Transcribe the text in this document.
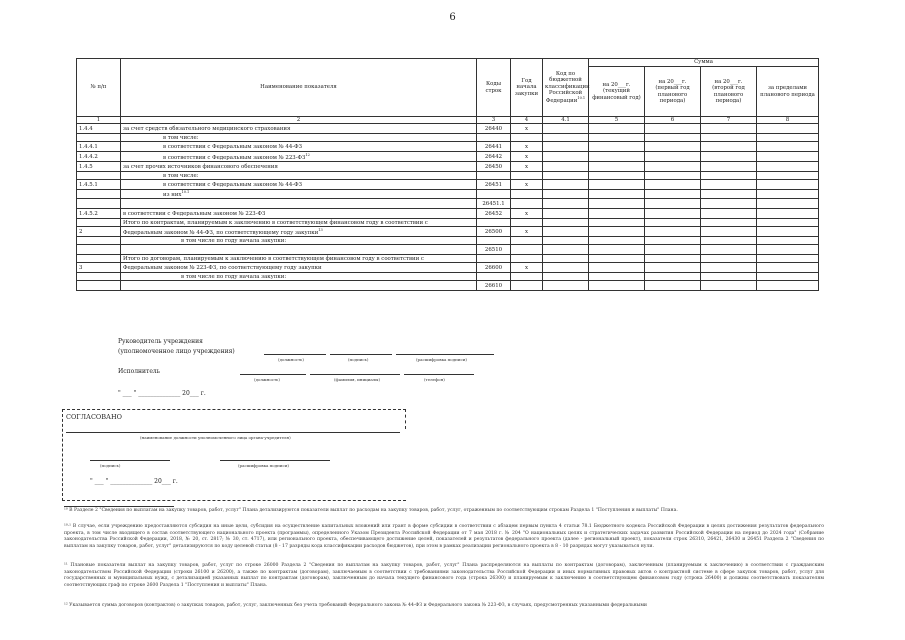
6
№ п/п	Наименование показателя	Коды строк	Год начала закупки	Код по бюджетной классификации Российской Федерации$^{10.1}$	Сумма			
					на 20___г. (текущий финансовый год)	на 20___г. (первый год планового периода)	на 20___г. (второй год планового периода)	за пределами планового периода
1	2	3	4	4.1	5	6	7	8
1.4.4	за счет средств обязательного медицинского страхования	26440	x					
	в том числе:							
1.4.4.1	в соответствии с Федеральным законом № 44-ФЗ	26441	x					
1.4.4.2	в соответствии с Федеральным законом № 223-ФЗ$^{12}$	26442	x					
1.4.5	за счет прочих источников финансового обеспечения	26450	x					
	в том числе:							
1.4.5.1	в соответствии с Федеральным законом № 44-ФЗ	26451	x					
	из них$^{10.1}$							
		26451.1						
1.4.5.2	в соответствии с Федеральным законом № 223-ФЗ	26452	x					
	Итого по контрактам, планируемым к заключению в соответствующем финансовом году в соответствии с							
2	Федеральным законом № 44-ФЗ, по соответствующему году закупки$^{13}$	26500	x					
	в том числе по году начала закупки:							
		26510						
	Итого по договорам, планируемым к заключению в соответствующем финансовом году в соответствии с							
3	Федеральным законом № 223-ФЗ, по соответствующему году закупки	26600	x					
	в том числе по году начала закупки:							
		26610						
Руководитель учреждения
(уполномоченное лицо учреждения)
(должность)	(подпись)	(расшифровка подписи)
Исполнитель
(должность)	(фамилия, инициалы)	(телефон)
" ___ " ______________ 20___ г.
СОГЛАСОВАНО
(наименование должности уполномоченного лица органа-учредителя)
(подпись)	(расшифровка подписи)
" ___ " ______________ 20___ г.
¹⁰ В Разделе 2 "Сведения по выплатам на закупку товаров, работ, услуг" Плана детализируются показатели выплат по расходам на закупку товаров, работ, услуг, отраженным по соответствующим строкам Раздела 1 "Поступления и выплаты" Плана.
¹⁰·¹ В случае, если учреждению предоставляются субсидия на иные цели, субсидия на осуществление капитальных вложений или грант в форме субсидии в соответствии с абзацем первым пункта 4 статьи 78.1 Бюджетного кодекса Российской Федерации в целях достижения результатов федерального проекта, в том числе входящего в состав соответствующего национального проекта (программы), определенного Указом Президента Российской Федерации от 7 мая 2018 г. № 204 "О национальных целях и стратегических задачах развития Российской Федерации на период до 2024 года" (Собрание законодательства Российской Федерации, 2018, № 20, ст. 2817; № 30, ст. 4717), или регионального проекта, обеспечивающего достижение целей, показателей и результатов федерального проекта (далее - региональный проект), показатели строк 26310, 26421, 26430 и 26451 Раздела 2 "Сведения по выплатам на закупку товаров, работ, услуг" детализируются по коду целевой статьи (8 - 17 разряды кода классификации расходов бюджетов), при этом в рамках реализации регионального проекта в 8 - 10 разрядах могут указываться нули.
¹¹ Плановые показатели выплат на закупку товаров, работ, услуг по строке 26000 Раздела 2 "Сведения по выплатам на закупку товаров, работ, услуг" Плана распределяются на выплаты по контрактам (договорам), заключенным (планируемым к заключению) в соответствии с гражданским законодательством Российской Федерации (строки 26100 и 26200), а также по контрактам (договорам), заключаемым в соответствии с требованиями законодательства Российской Федерации и иных нормативных правовых актов о контрактной системе в сфере закупок товаров, работ, услуг для государственных и муниципальных нужд, с детализацией указанных выплат по контрактам (договорам), заключенным до начала текущего финансового года (строка 26300) и планируемым к заключению в соответствующем финансовом году (строка 26400) и должны соответствовать показателям соответствующих граф по строке 2600 Раздела 1 "Поступления и выплаты" Плана.
¹² Указывается сумма договоров (контрактов) о закупках товаров, работ, услуг, заключенных без учета требований Федерального закона № 44-ФЗ и Федерального закона № 223-ФЗ, в случаях, предусмотренных указанными федеральными
